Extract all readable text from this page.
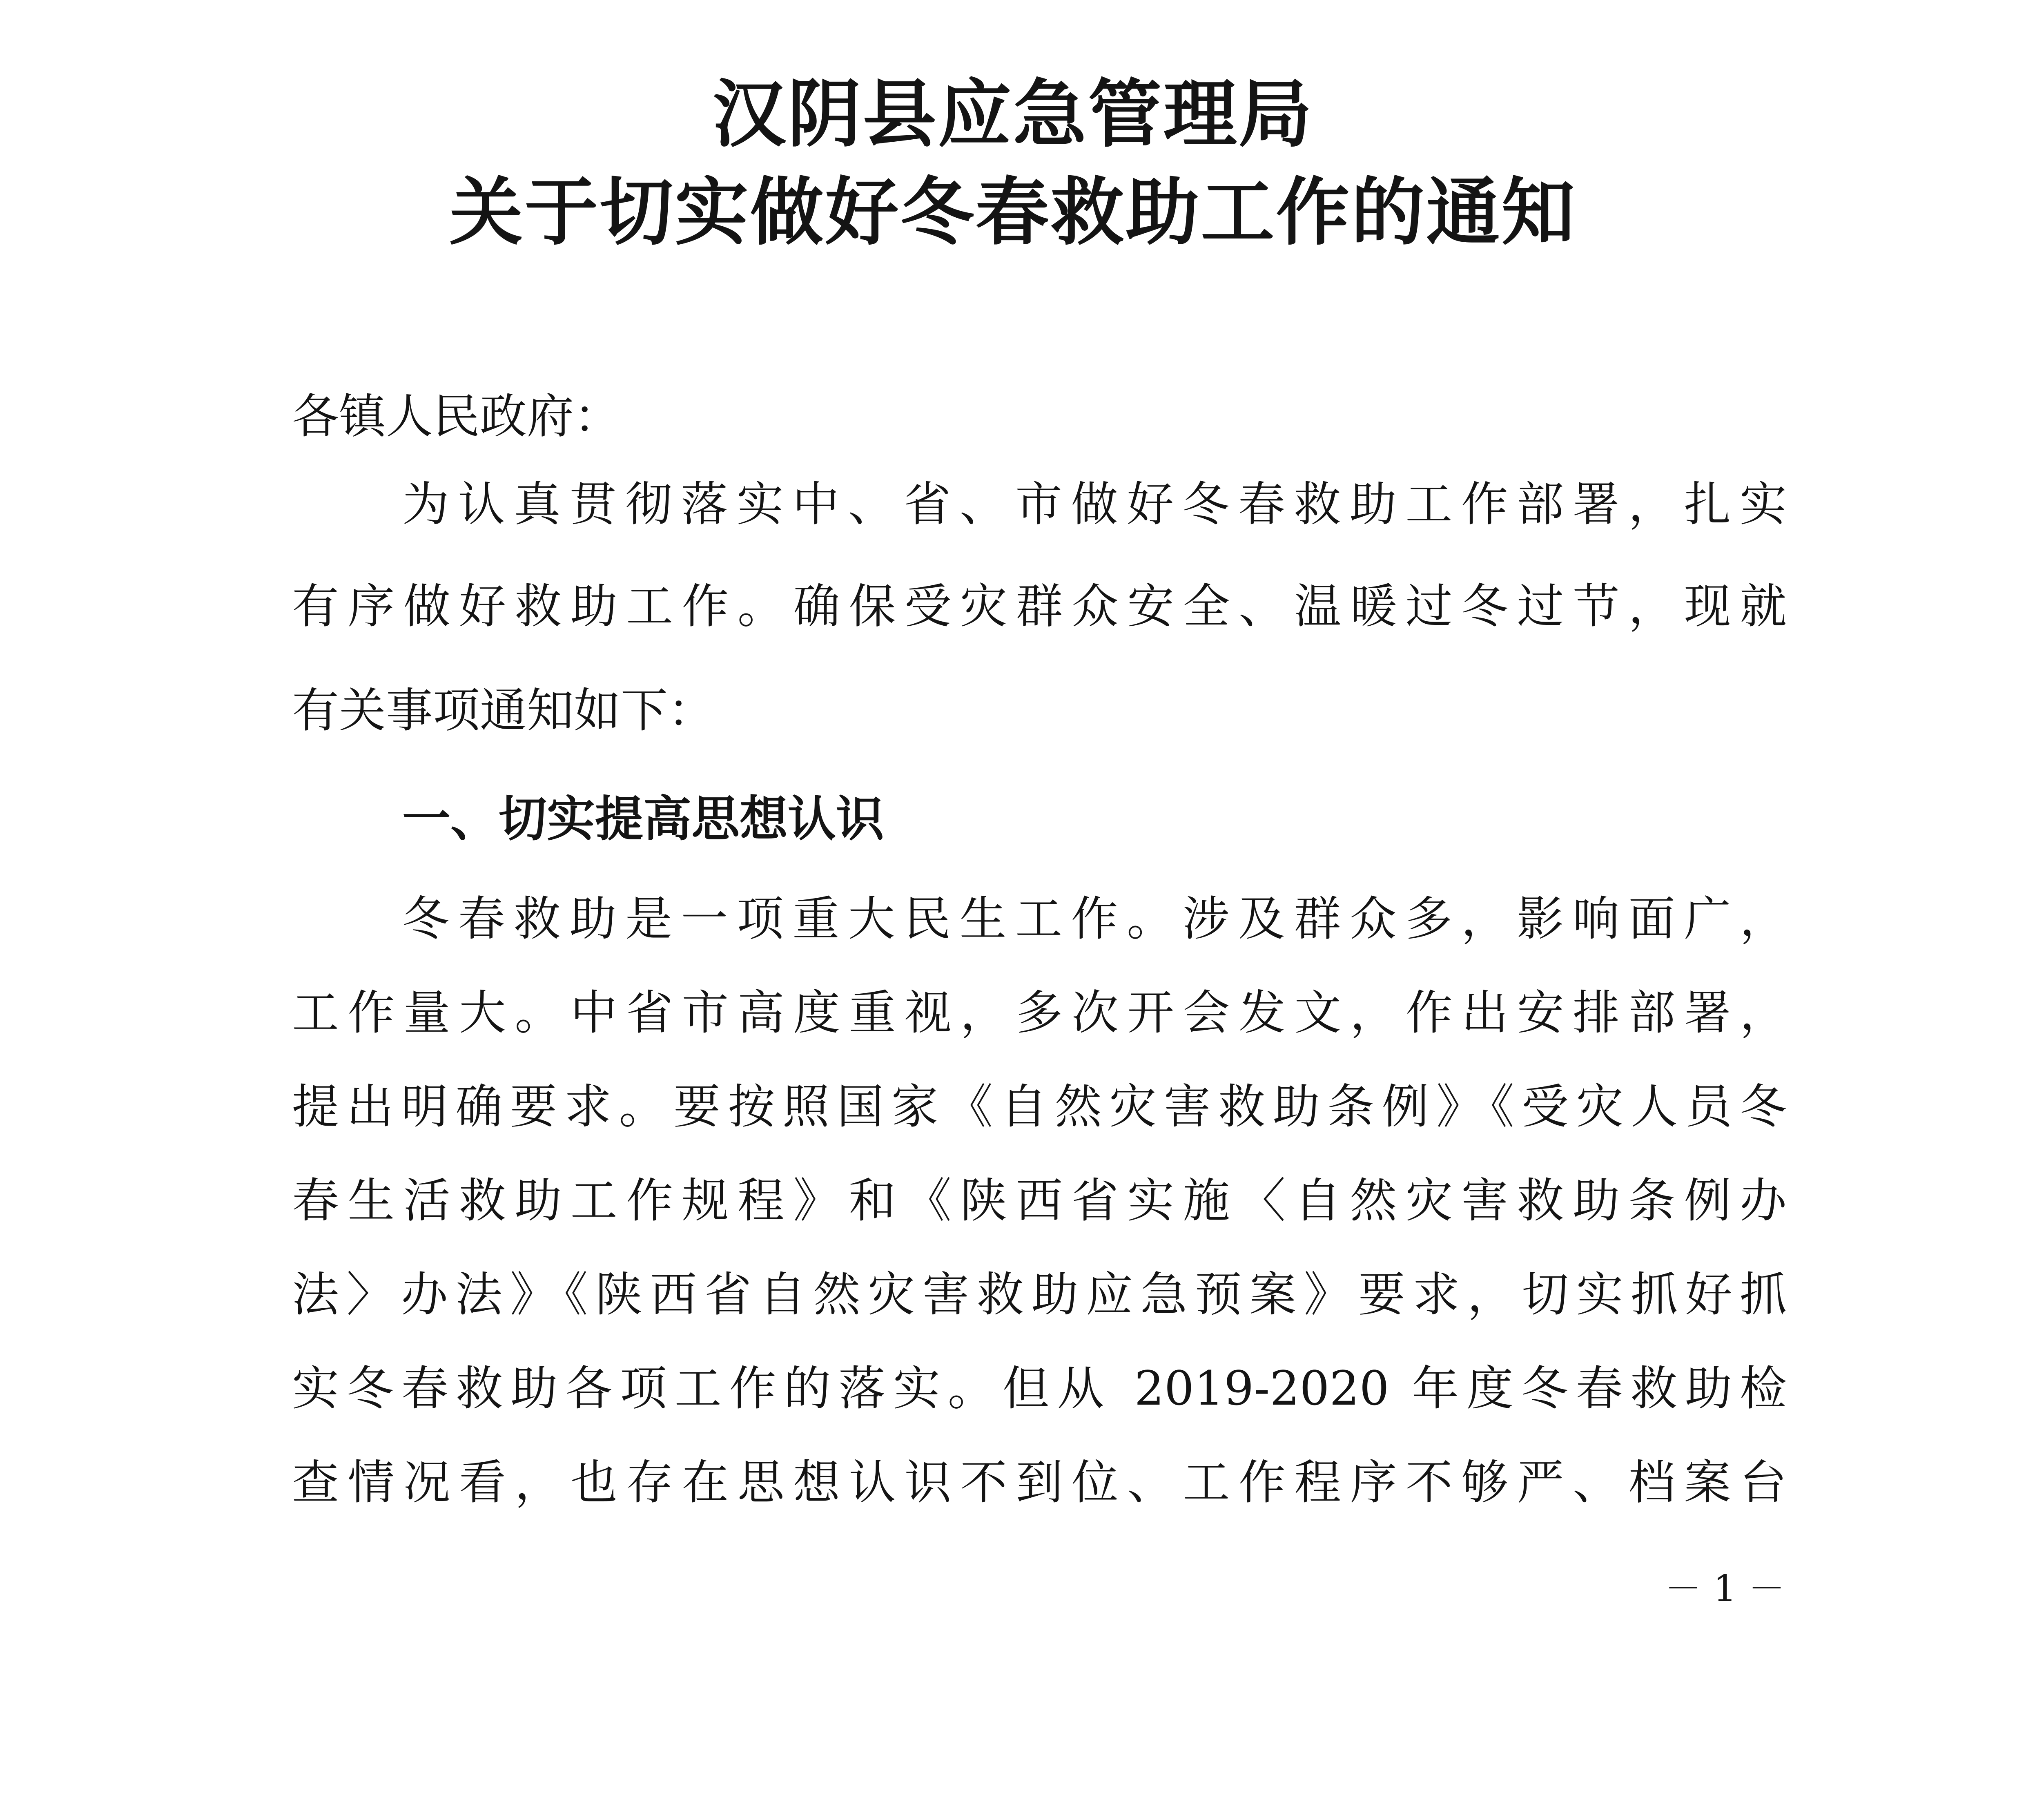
汉阴县应急管理局
关于切实做好冬春救助工作的通知
各镇人民政府：
为认真贯彻落实中、省、市做好冬春救助工作部署，扎实
有序做好救助工作。确保受灾群众安全、温暖过冬过节，现就
有关事项通知如下：
一、切实提高思想认识
冬春救助是一项重大民生工作。涉及群众多，影响面广，
工作量大。中省市高度重视，多次开会发文，作出安排部署，
提出明确要求。要按照国家《自然灾害救助条例》《受灾人员冬
春生活救助工作规程》和《陕西省实施〈自然灾害救助条例办
法〉办法》《陕西省自然灾害救助应急预案》要求，切实抓好抓
实冬春救助各项工作的落实。但从 2019-2020 年度冬春救助检
查情况看，也存在思想认识不到位、工作程序不够严、档案台
－ 1 －
